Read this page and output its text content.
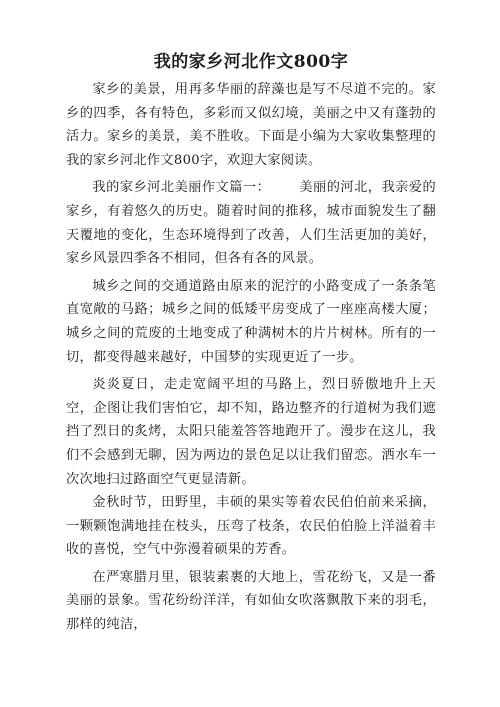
我的家乡河北作文800字

家乡的美景，用再多华丽的辞藻也是写不尽道不完的。家乡的四季，各有特色，多彩而又似幻境，美丽之中又有蓬勃的活力。家乡的美景，美不胜收。下面是小编为大家收集整理的我的家乡河北作文800字，欢迎大家阅读。

我的家乡河北美丽作文篇一： 美丽的河北，我亲爱的家乡，有着悠久的历史。随着时间的推移，城市面貌发生了翻天覆地的变化，生态环境得到了改善，人们生活更加的美好，家乡风景四季各不相同，但各有各的风景。

城乡之间的交通道路由原来的泥泞的小路变成了一条条笔直宽敞的马路；城乡之间的低矮平房变成了一座座高楼大厦；城乡之间的荒废的土地变成了种满树木的片片树林。所有的一切，都变得越来越好，中国梦的实现更近了一步。

炎炎夏日，走走宽阔平坦的马路上，烈日骄傲地升上天空，企图让我们害怕它，却不知，路边整齐的行道树为我们遮挡了烈日的炙烤，太阳只能羞答答地跑开了。漫步在这儿，我们不会感到无聊，因为两边的景色足以让我们留恋。洒水车一次次地扫过路面空气更显清新。

金秋时节，田野里，丰硕的果实等着农民伯伯前来采摘，一颗颗饱满地挂在枝头，压弯了枝条，农民伯伯脸上洋溢着丰收的喜悦，空气中弥漫着硕果的芳香。

在严寒腊月里，银装素裹的大地上，雪花纷飞，又是一番美丽的景象。雪花纷纷洋洋，有如仙女吹落飘散下来的羽毛，那样的纯洁，
